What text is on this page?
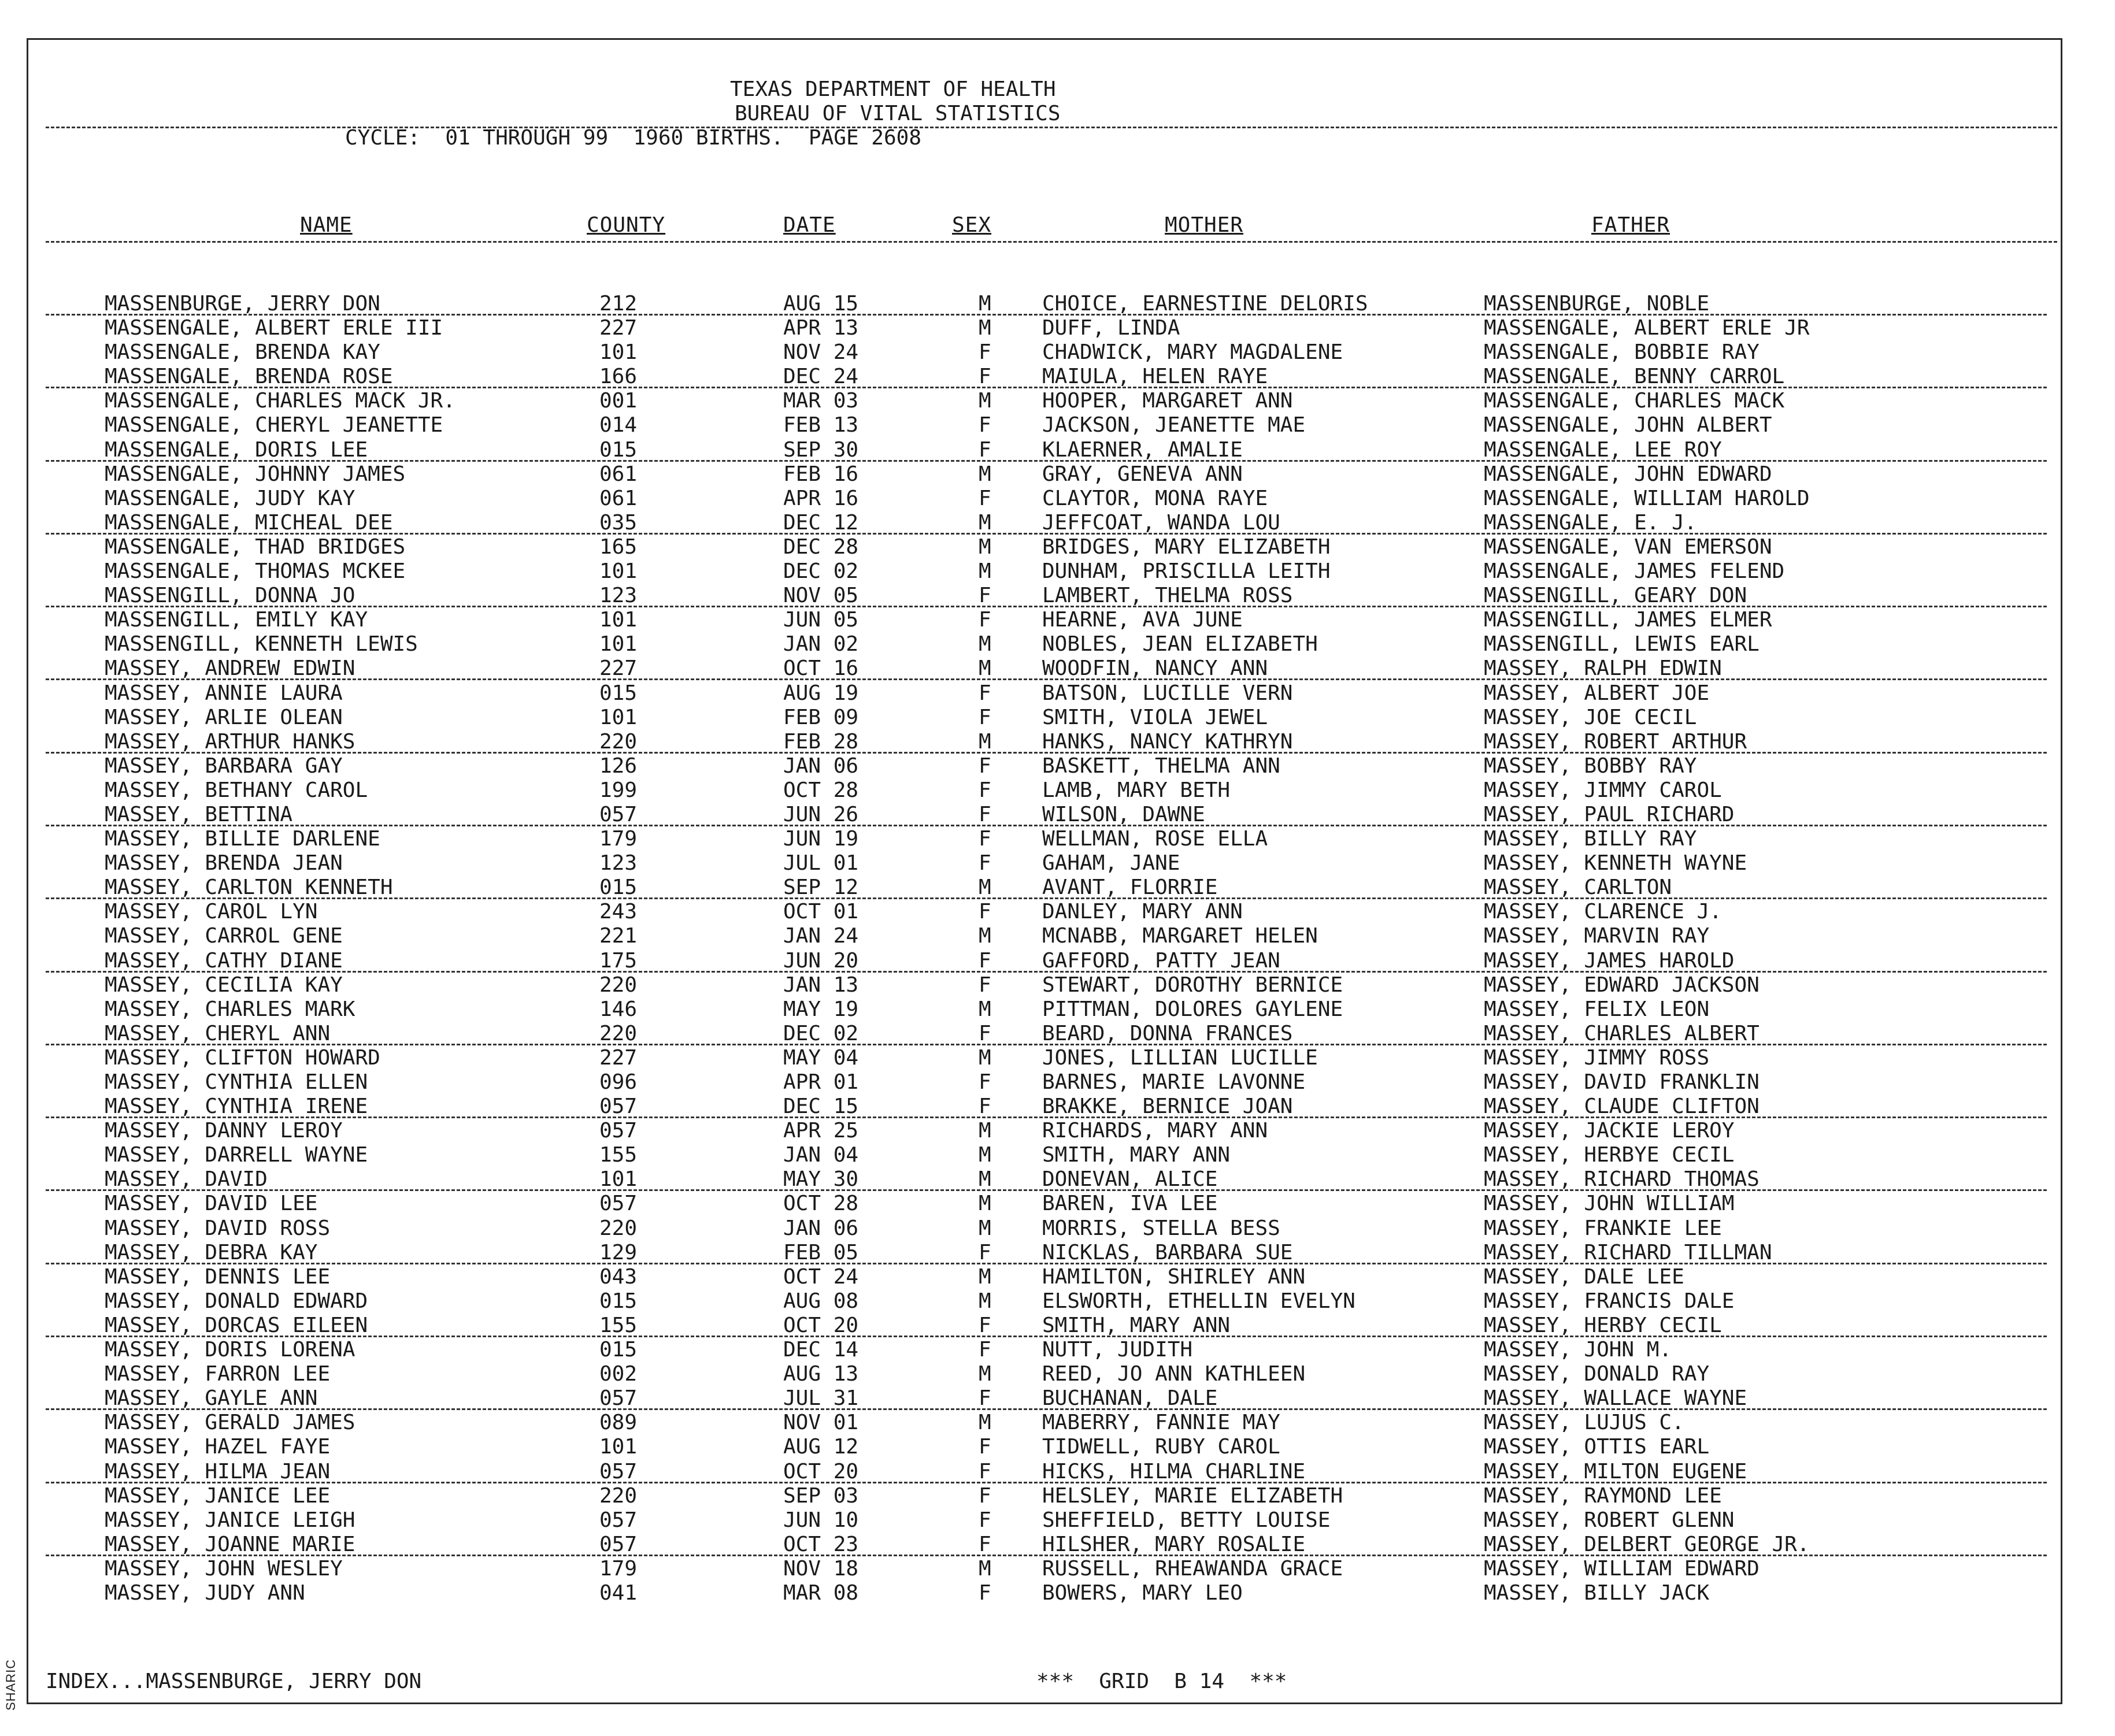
TEXAS DEPARTMENT OF HEALTH
BUREAU OF VITAL STATISTICS
CYCLE:  01 THROUGH 99  1960 BIRTHS.  PAGE 2608
NAME	COUNTY	DATE	SEX	MOTHER	FATHER
MASSENBURGE, JERRY DON	212	AUG 15	M CHOICE, EARNESTINE DELORIS	MASSENBURGE, NOBLE
MASSENGALE, ALBERT ERLE III	227	APR 13	M DUFF, LINDA	MASSENGALE, ALBERT ERLE JR
MASSENGALE, BRENDA KAY	101	NOV 24	F CHADWICK, MARY MAGDALENE	MASSENGALE, BOBBIE RAY
MASSENGALE, BRENDA ROSE	166	DEC 24	F MAIULA, HELEN RAYE	MASSENGALE, BENNY CARROL
MASSENGALE, CHARLES MACK JR.	001	MAR 03	M HOOPER, MARGARET ANN	MASSENGALE, CHARLES MACK
MASSENGALE, CHERYL JEANETTE	014	FEB 13	F JACKSON, JEANETTE MAE	MASSENGALE, JOHN ALBERT
MASSENGALE, DORIS LEE	015	SEP 30	F KLAERNER, AMALIE	MASSENGALE, LEE ROY
MASSENGALE, JOHNNY JAMES	061	FEB 16	M GRAY, GENEVA ANN	MASSENGALE, JOHN EDWARD
MASSENGALE, JUDY KAY	061	APR 16	F CLAYTOR, MONA RAYE	MASSENGALE, WILLIAM HAROLD
MASSENGALE, MICHEAL DEE	035	DEC 12	M JEFFCOAT, WANDA LOU	MASSENGALE, E. J.
MASSENGALE, THAD BRIDGES	165	DEC 28	M BRIDGES, MARY ELIZABETH	MASSENGALE, VAN EMERSON
MASSENGALE, THOMAS MCKEE	101	DEC 02	M DUNHAM, PRISCILLA LEITH	MASSENGALE, JAMES FELEND
MASSENGILL, DONNA JO	123	NOV 05	F LAMBERT, THELMA ROSS	MASSENGILL, GEARY DON
MASSENGILL, EMILY KAY	101	JUN 05	F HEARNE, AVA JUNE	MASSENGILL, JAMES ELMER
MASSENGILL, KENNETH LEWIS	101	JAN 02	M NOBLES, JEAN ELIZABETH	MASSENGILL, LEWIS EARL
MASSEY, ANDREW EDWIN	227	OCT 16	M WOODFIN, NANCY ANN	MASSEY, RALPH EDWIN
MASSEY, ANNIE LAURA	015	AUG 19	F BATSON, LUCILLE VERN	MASSEY, ALBERT JOE
MASSEY, ARLIE OLEAN	101	FEB 09	F SMITH, VIOLA JEWEL	MASSEY, JOE CECIL
MASSEY, ARTHUR HANKS	220	FEB 28	M HANKS, NANCY KATHRYN	MASSEY, ROBERT ARTHUR
MASSEY, BARBARA GAY	126	JAN 06	F BASKETT, THELMA ANN	MASSEY, BOBBY RAY
MASSEY, BETHANY CAROL	199	OCT 28	F LAMB, MARY BETH	MASSEY, JIMMY CAROL
MASSEY, BETTINA	057	JUN 26	F WILSON, DAWNE	MASSEY, PAUL RICHARD
MASSEY, BILLIE DARLENE	179	JUN 19	F WELLMAN, ROSE ELLA	MASSEY, BILLY RAY
MASSEY, BRENDA JEAN	123	JUL 01	F GAHAM, JANE	MASSEY, KENNETH WAYNE
MASSEY, CARLTON KENNETH	015	SEP 12	M AVANT, FLORRIE	MASSEY, CARLTON
MASSEY, CAROL LYN	243	OCT 01	F DANLEY, MARY ANN	MASSEY, CLARENCE J.
MASSEY, CARROL GENE	221	JAN 24	M MCNABB, MARGARET HELEN	MASSEY, MARVIN RAY
MASSEY, CATHY DIANE	175	JUN 20	F GAFFORD, PATTY JEAN	MASSEY, JAMES HAROLD
MASSEY, CECILIA KAY	220	JAN 13	F STEWART, DOROTHY BERNICE	MASSEY, EDWARD JACKSON
MASSEY, CHARLES MARK	146	MAY 19	M PITTMAN, DOLORES GAYLENE	MASSEY, FELIX LEON
MASSEY, CHERYL ANN	220	DEC 02	F BEARD, DONNA FRANCES	MASSEY, CHARLES ALBERT
MASSEY, CLIFTON HOWARD	227	MAY 04	M JONES, LILLIAN LUCILLE	MASSEY, JIMMY ROSS
MASSEY, CYNTHIA ELLEN	096	APR 01	F BARNES, MARIE LAVONNE	MASSEY, DAVID FRANKLIN
MASSEY, CYNTHIA IRENE	057	DEC 15	F BRAKKE, BERNICE JOAN	MASSEY, CLAUDE CLIFTON
MASSEY, DANNY LEROY	057	APR 25	M RICHARDS, MARY ANN	MASSEY, JACKIE LEROY
MASSEY, DARRELL WAYNE	155	JAN 04	M SMITH, MARY ANN	MASSEY, HERBYE CECIL
MASSEY, DAVID	101	MAY 30	M DONEVAN, ALICE	MASSEY, RICHARD THOMAS
MASSEY, DAVID LEE	057	OCT 28	M BAREN, IVA LEE	MASSEY, JOHN WILLIAM
MASSEY, DAVID ROSS	220	JAN 06	M MORRIS, STELLA BESS	MASSEY, FRANKIE LEE
MASSEY, DEBRA KAY	129	FEB 05	F NICKLAS, BARBARA SUE	MASSEY, RICHARD TILLMAN
MASSEY, DENNIS LEE	043	OCT 24	M HAMILTON, SHIRLEY ANN	MASSEY, DALE LEE
MASSEY, DONALD EDWARD	015	AUG 08	M ELSWORTH, ETHELLIN EVELYN	MASSEY, FRANCIS DALE
MASSEY, DORCAS EILEEN	155	OCT 20	F SMITH, MARY ANN	MASSEY, HERBY CECIL
MASSEY, DORIS LORENA	015	DEC 14	F NUTT, JUDITH	MASSEY, JOHN M.
MASSEY, FARRON LEE	002	AUG 13	M REED, JO ANN KATHLEEN	MASSEY, DONALD RAY
MASSEY, GAYLE ANN	057	JUL 31	F BUCHANAN, DALE	MASSEY, WALLACE WAYNE
MASSEY, GERALD JAMES	089	NOV 01	M MABERRY, FANNIE MAY	MASSEY, LUJUS C.
MASSEY, HAZEL FAYE	101	AUG 12	F TIDWELL, RUBY CAROL	MASSEY, OTTIS EARL
MASSEY, HILMA JEAN	057	OCT 20	F HICKS, HILMA CHARLINE	MASSEY, MILTON EUGENE
MASSEY, JANICE LEE	220	SEP 03	F HELSLEY, MARIE ELIZABETH	MASSEY, RAYMOND LEE
MASSEY, JANICE LEIGH	057	JUN 10	F SHEFFIELD, BETTY LOUISE	MASSEY, ROBERT GLENN
MASSEY, JOANNE MARIE	057	OCT 23	F HILSHER, MARY ROSALIE	MASSEY, DELBERT GEORGE JR.
MASSEY, JOHN WESLEY	179	NOV 18	M RUSSELL, RHEAWANDA GRACE	MASSEY, WILLIAM EDWARD
MASSEY, JUDY ANN	041	MAR 08	F BOWERS, MARY LEO	MASSEY, BILLY JACK
INDEX...MASSENBURGE, JERRY DON	***  GRID  B 14  ***
SHARIC
